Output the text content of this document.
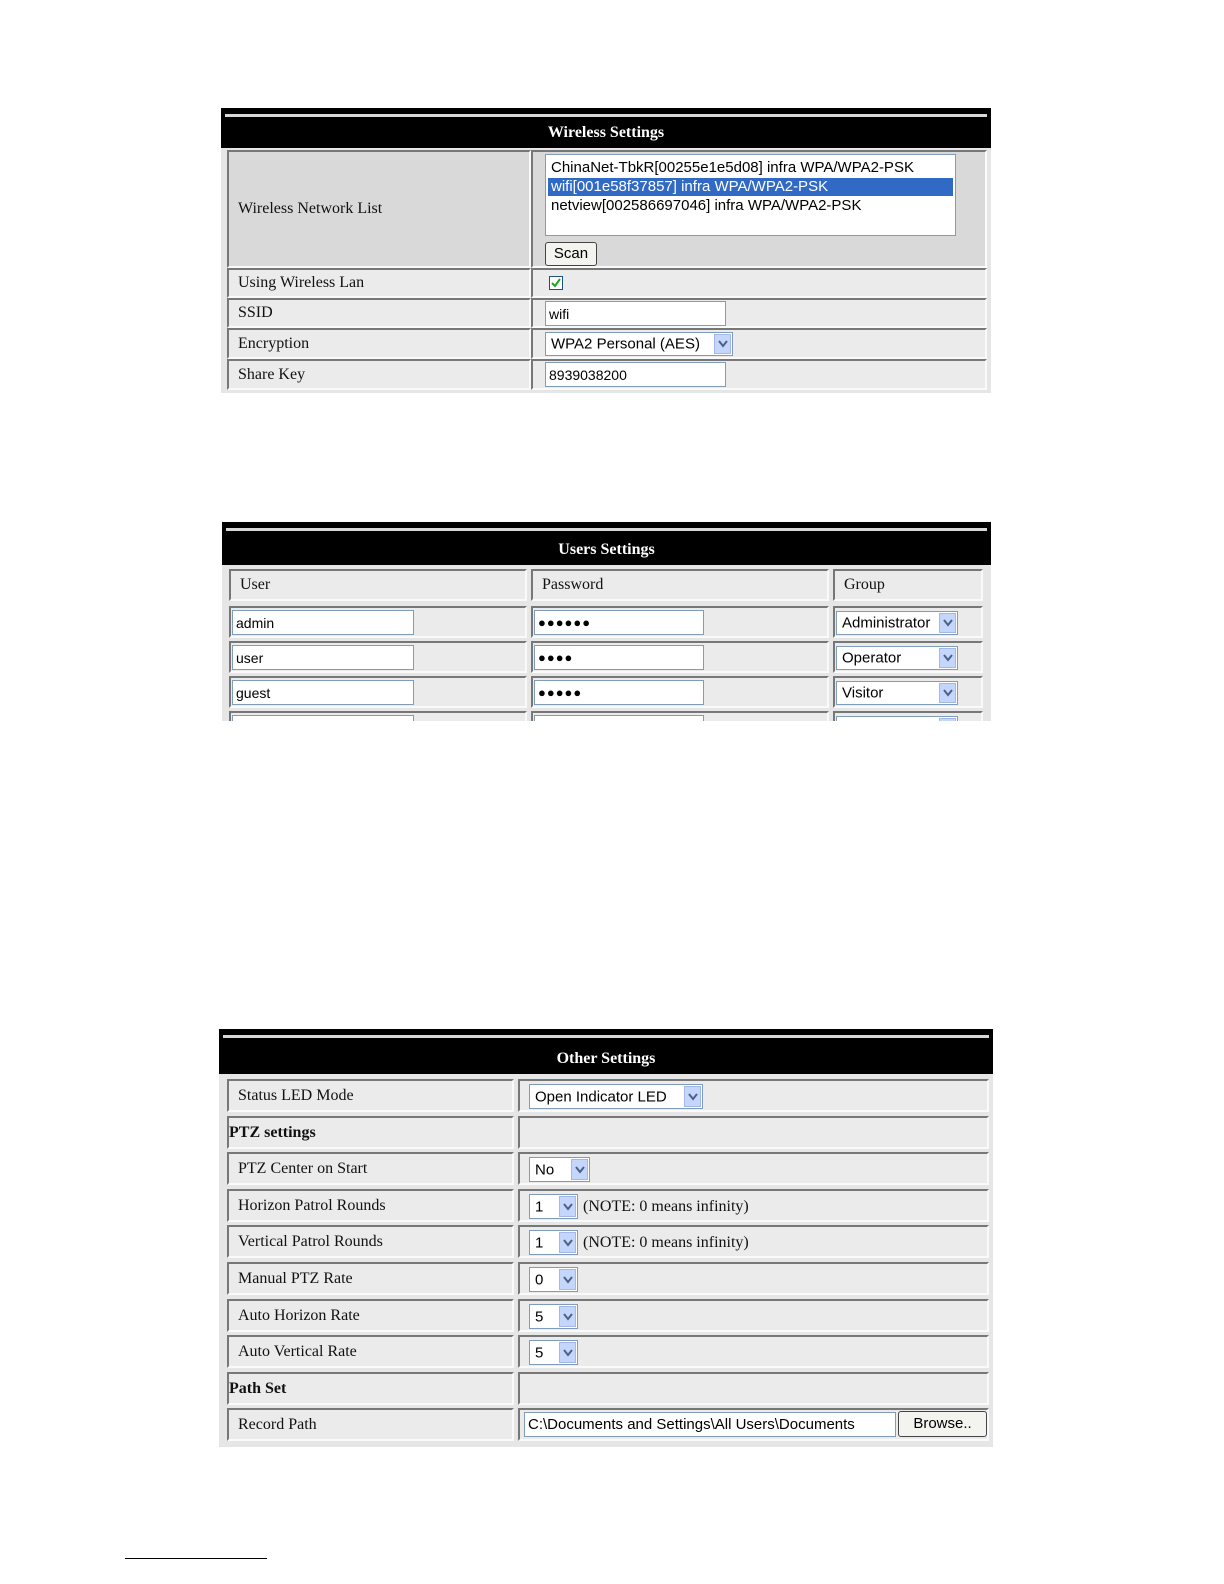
Wireless Settings
Wireless Network List
ChinaNet-TbkR[00255e1e5d08] infra WPA/WPA2-PSK
wifi[001e58f37857] infra WPA/WPA2-PSK
netview[002586697046] infra WPA/WPA2-PSK
Scan
Using Wireless Lan
SSID	wifi
Encryption	WPA2 Personal (AES)
Share Key	8939038200
Users Settings
User	Password	Group
admin	●●●●●●	Administrator
user	●●●●	Operator
guest	●●●●●	Visitor
Other Settings
Status LED Mode	Open Indicator LED
PTZ settings
PTZ Center on Start	No
Horizon Patrol Rounds	1 (NOTE: 0 means infinity)
Vertical Patrol Rounds	1 (NOTE: 0 means infinity)
Manual PTZ Rate	0
Auto Horizon Rate	5
Auto Vertical Rate	5
Path Set
Record Path	C:\Documents and Settings\All Users\Documents	Browse..
